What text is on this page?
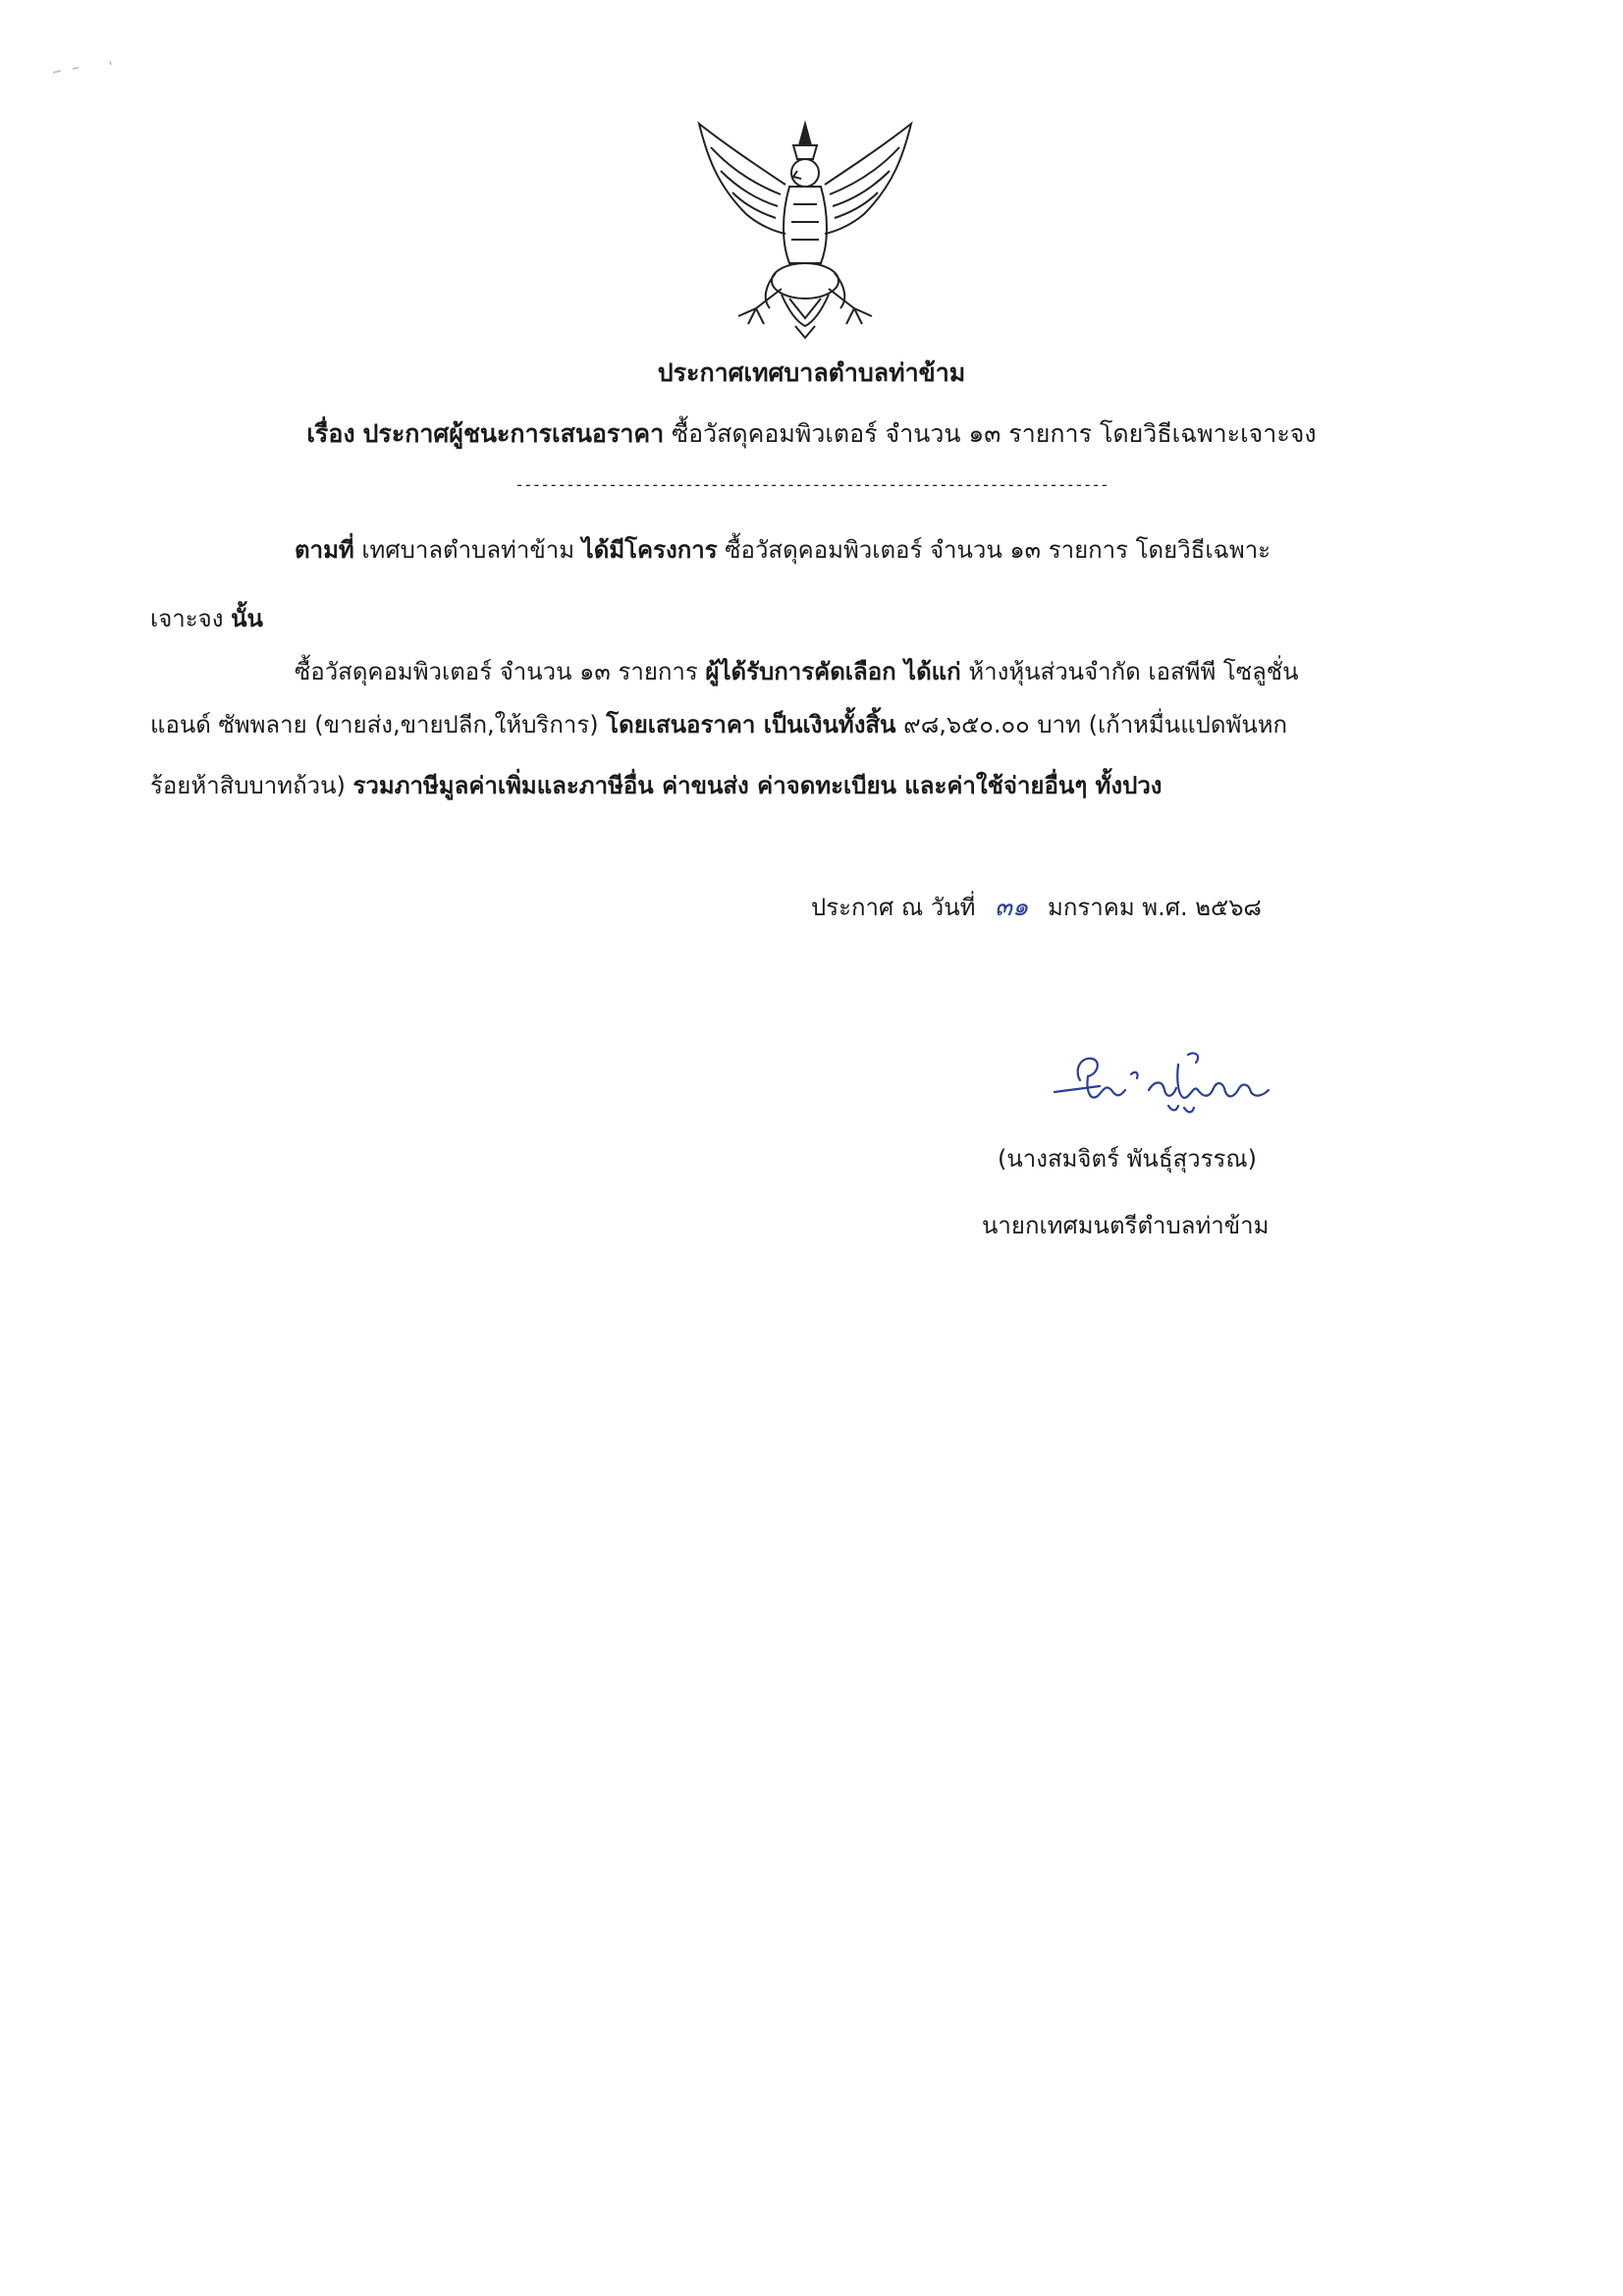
ประกาศเทศบาลตำบลท่าข้าม
เรื่อง ประกาศผู้ชนะการเสนอราคา ซื้อวัสดุคอมพิวเตอร์ จำนวน ๑๓ รายการ โดยวิธีเฉพาะเจาะจง
----------------------------------------------------------------------
ตามที่ เทศบาลตำบลท่าข้าม ได้มีโครงการ ซื้อวัสดุคอมพิวเตอร์ จำนวน ๑๓ รายการ โดยวิธีเฉพาะ
เจาะจง นั้น
ซื้อวัสดุคอมพิวเตอร์ จำนวน ๑๓ รายการ ผู้ได้รับการคัดเลือก ได้แก่ ห้างหุ้นส่วนจำกัด เอสพีพี โซลูชั่น
แอนด์ ซัพพลาย (ขายส่ง,ขายปลีก,ให้บริการ) โดยเสนอราคา เป็นเงินทั้งสิ้น ๙๘,๖๕๐.๐๐ บาท (เก้าหมื่นแปดพันหก
ร้อยห้าสิบบาทถ้วน) รวมภาษีมูลค่าเพิ่มและภาษีอื่น ค่าขนส่ง ค่าจดทะเบียน และค่าใช้จ่ายอื่นๆ ทั้งปวง
ประกาศ ณ วันที่ ๓๑ มกราคม พ.ศ. ๒๕๖๘
(นางสมจิตร์ พันธุ์สุวรรณ)
นายกเทศมนตรีตำบลท่าข้าม
